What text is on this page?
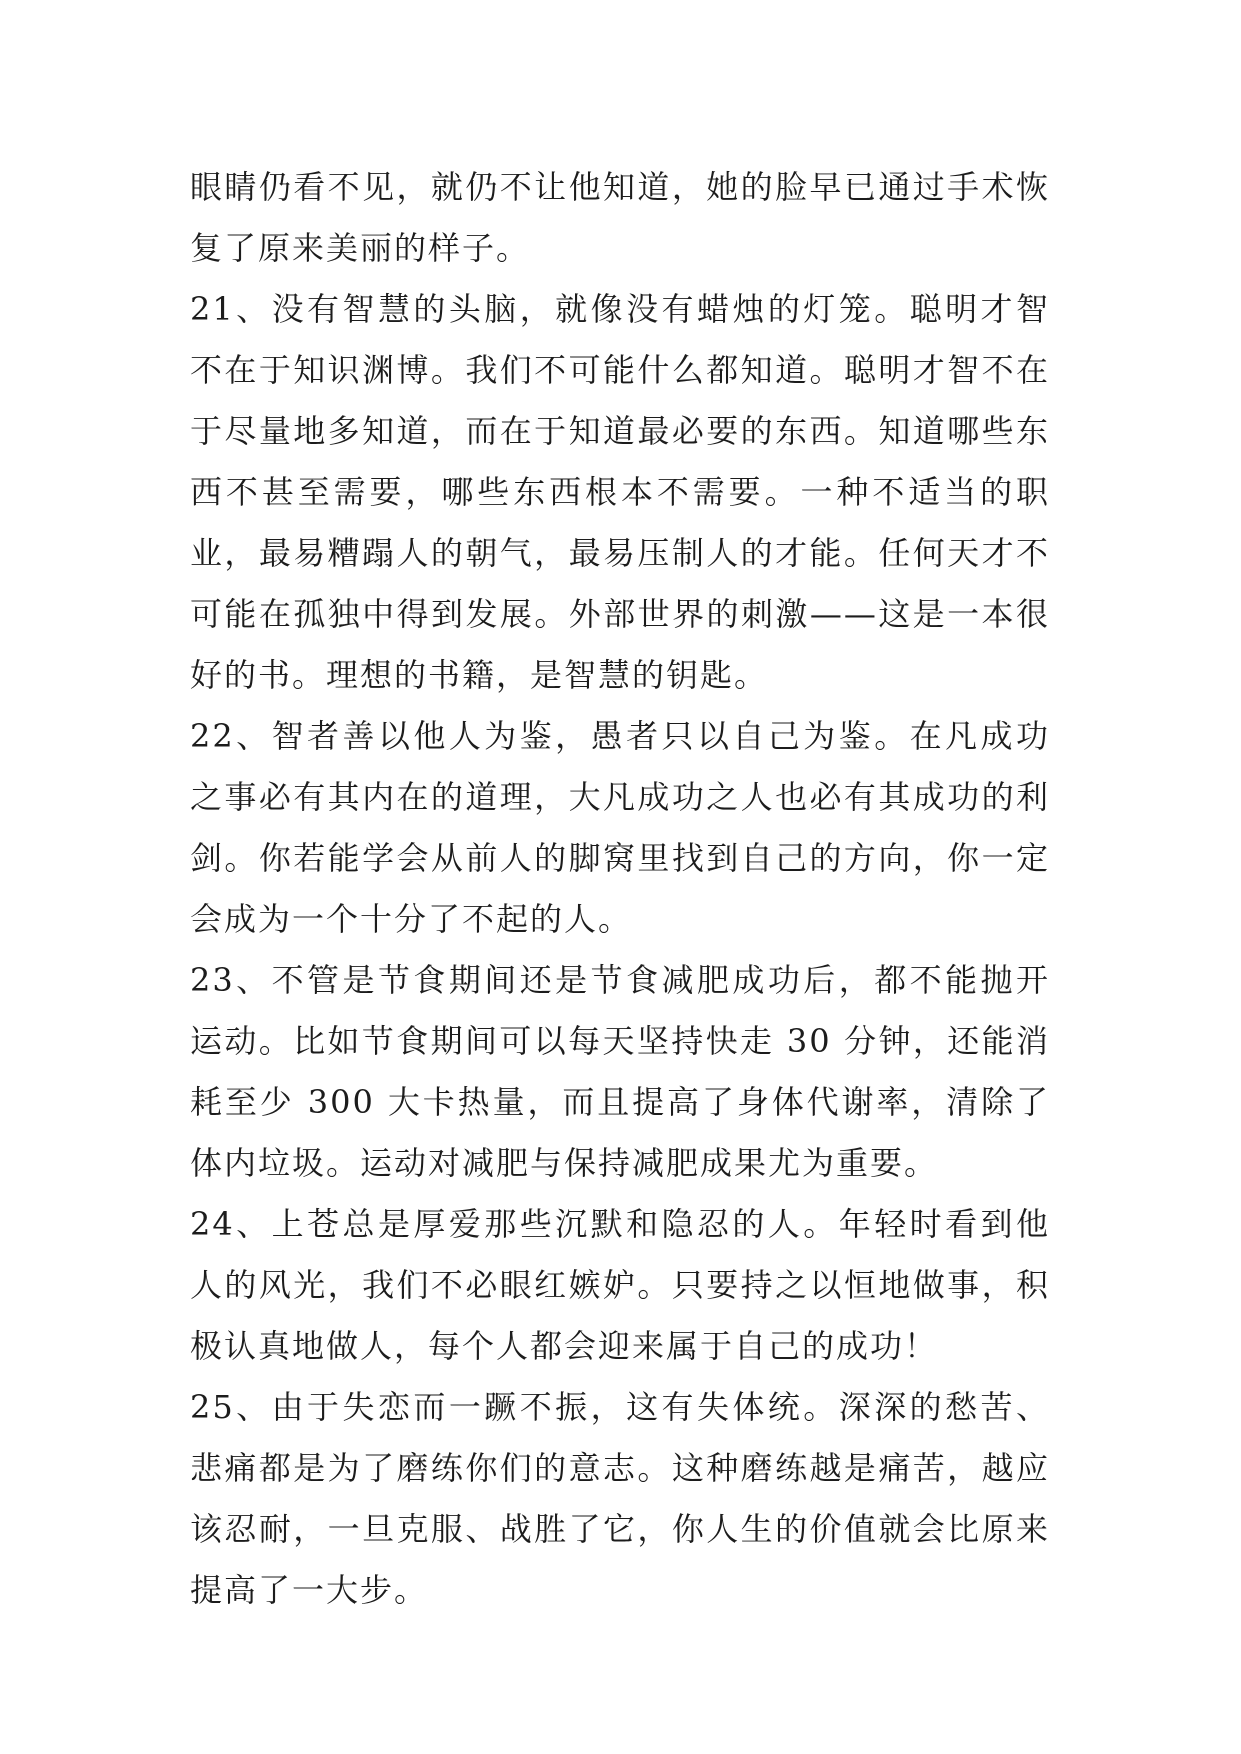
眼睛仍看不见，就仍不让他知道，她的脸早已通过手术恢复了原来美丽的样子。

21、没有智慧的头脑，就像没有蜡烛的灯笼。聪明才智不在于知识渊博。我们不可能什么都知道。聪明才智不在于尽量地多知道，而在于知道最必要的东西。知道哪些东西不甚至需要，哪些东西根本不需要。一种不适当的职业，最易糟蹋人的朝气，最易压制人的才能。任何天才不可能在孤独中得到发展。外部世界的刺激——这是一本很好的书。理想的书籍，是智慧的钥匙。

22、智者善以他人为鉴，愚者只以自己为鉴。在凡成功之事必有其内在的道理，大凡成功之人也必有其成功的利剑。你若能学会从前人的脚窝里找到自己的方向，你一定会成为一个十分了不起的人。

23、不管是节食期间还是节食减肥成功后，都不能抛开运动。比如节食期间可以每天坚持快走 30 分钟，还能消耗至少 300 大卡热量，而且提高了身体代谢率，清除了体内垃圾。运动对减肥与保持减肥成果尤为重要。

24、上苍总是厚爱那些沉默和隐忍的人。年轻时看到他人的风光，我们不必眼红嫉妒。只要持之以恒地做事，积极认真地做人，每个人都会迎来属于自己的成功！

25、由于失恋而一蹶不振，这有失体统。深深的愁苦、悲痛都是为了磨练你们的意志。这种磨练越是痛苦，越应该忍耐，一旦克服、战胜了它，你人生的价值就会比原来提高了一大步。
